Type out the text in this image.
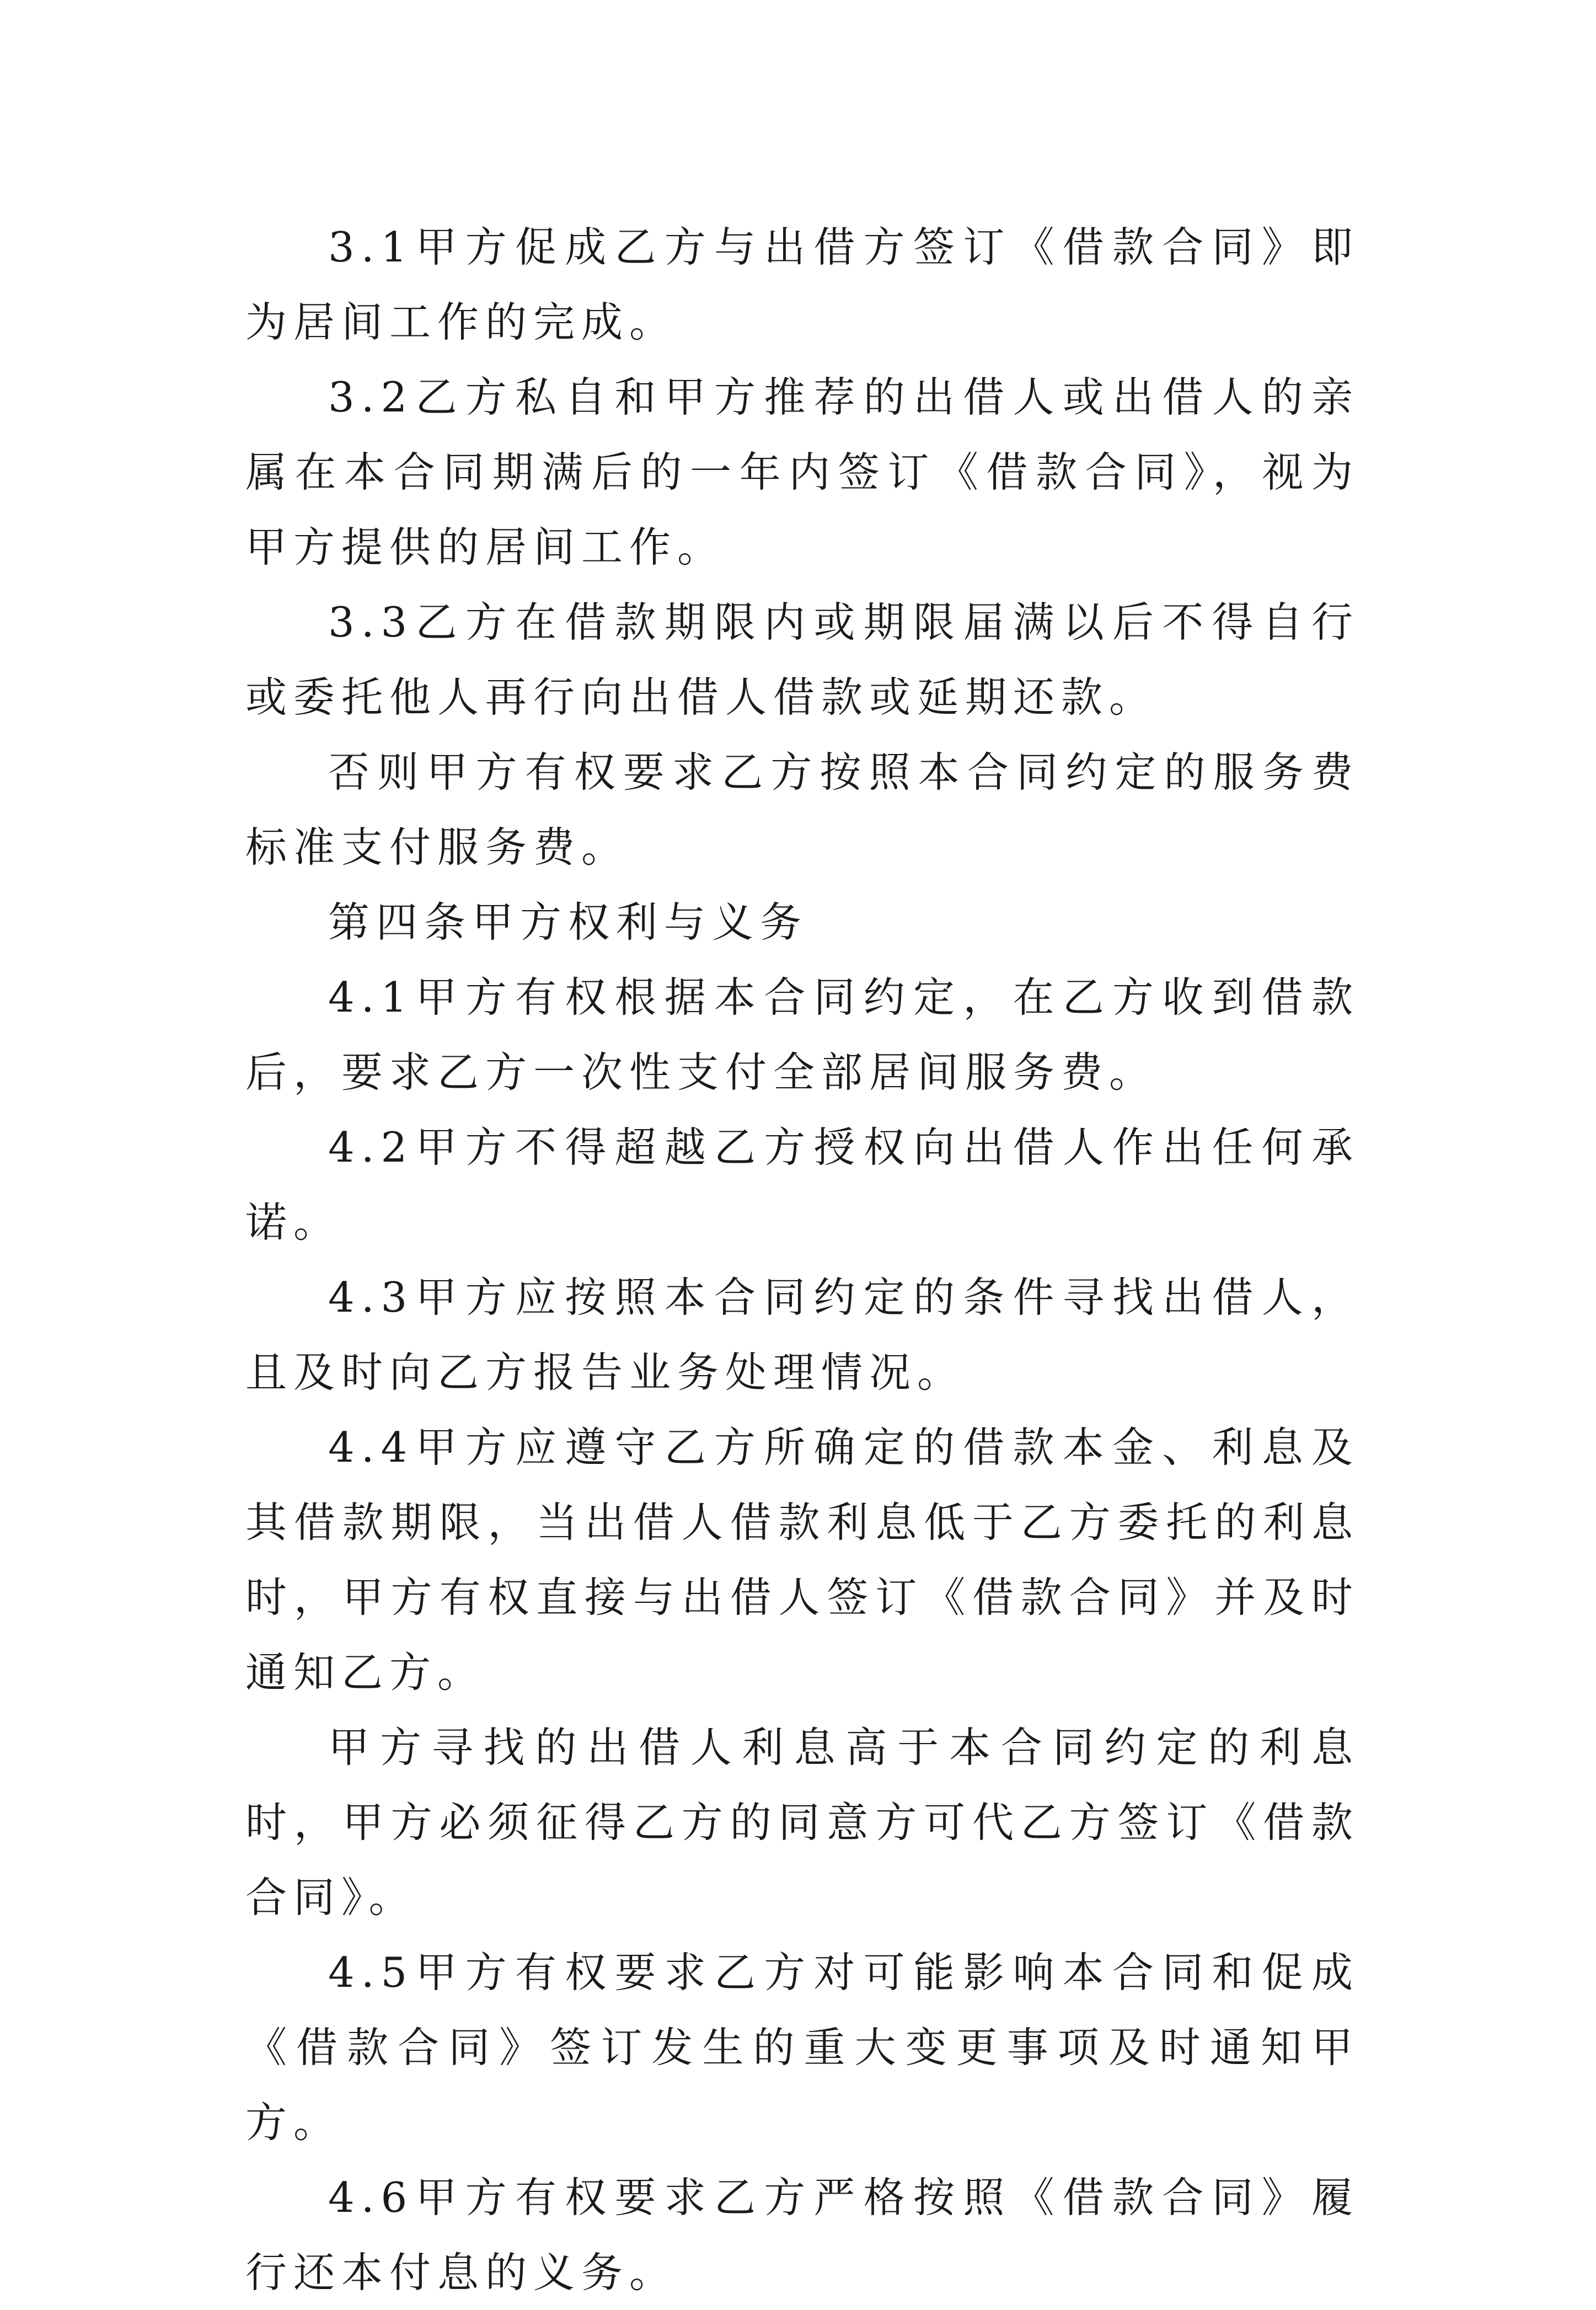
3.1甲方促成乙方与出借方签订《借款合同》即为居间工作的完成。

3.2乙方私自和甲方推荐的出借人或出借人的亲属在本合同期满后的一年内签订《借款合同》，视为甲方提供的居间工作。

3.3乙方在借款期限内或期限届满以后不得自行或委托他人再行向出借人借款或延期还款。

否则甲方有权要求乙方按照本合同约定的服务费标准支付服务费。

第四条甲方权利与义务

4.1甲方有权根据本合同约定，在乙方收到借款后，要求乙方一次性支付全部居间服务费。

4.2甲方不得超越乙方授权向出借人作出任何承诺。

4.3甲方应按照本合同约定的条件寻找出借人，且及时向乙方报告业务处理情况。

4.4甲方应遵守乙方所确定的借款本金、利息及其借款期限，当出借人借款利息低于乙方委托的利息时，甲方有权直接与出借人签订《借款合同》并及时通知乙方。

甲方寻找的出借人利息高于本合同约定的利息时，甲方必须征得乙方的同意方可代乙方签订《借款合同》。

4.5甲方有权要求乙方对可能影响本合同和促成《借款合同》签订发生的重大变更事项及时通知甲方。

4.6甲方有权要求乙方严格按照《借款合同》履行还本付息的义务。
